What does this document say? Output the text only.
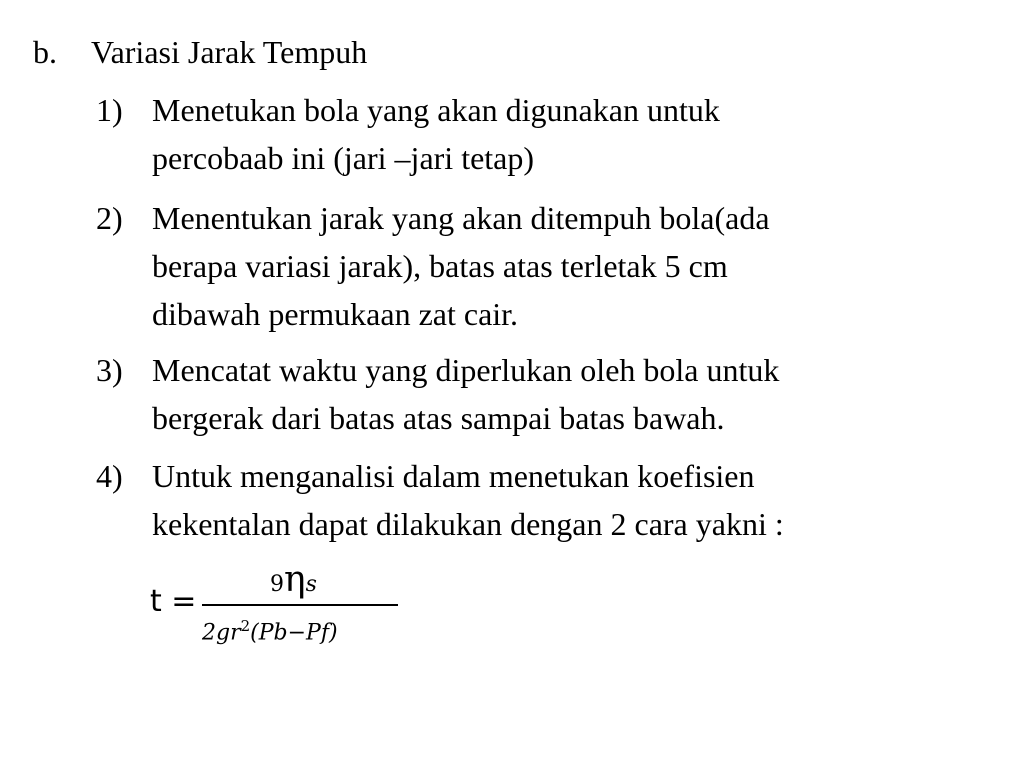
b. Variasi Jarak Tempuh
1) Menetukan bola yang akan digunakan untuk
percobaab ini (jari –jari tetap)
2) Menentukan jarak yang akan ditempuh bola(ada
berapa variasi jarak), batas atas terletak 5 cm
dibawah permukaan zat cair.
3) Mencatat waktu yang diperlukan oleh bola untuk
bergerak dari batas atas sampai batas bawah.
4) Untuk menganalisi dalam menetukan koefisien
kekentalan dapat dilakukan dengan 2 cara yakni :
t =	9ηs
$2gr^2(Pb-Pf)$
